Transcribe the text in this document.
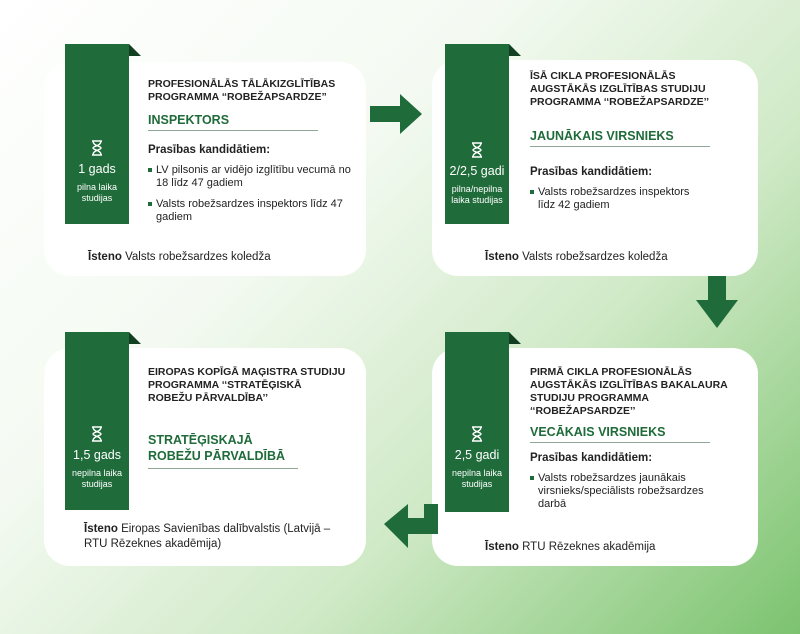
1 gads
pilna laika studijas
PROFESIONĀLĀS TĀLĀKIZGLĪTĪBAS PROGRAMMA “ROBEŽAPSARDZE”
INSPEKTORS
Prasības kandidātiem:
LV pilsonis ar vidējo izglītību vecumā no 18 līdz 47 gadiem
Valsts robežsardzes inspektors līdz 47 gadiem
Īsteno Valsts robežsardzes koledža
2/2,5 gadi
pilna/nepilna laika studijas
ĪSĀ CIKLA PROFESIONĀLĀS AUGSTĀKĀS IZGLĪTĪBAS STUDIJU PROGRAMMA ‘‘ROBEŽAPSARDZE’’
JAUNĀKAIS VIRSNIEKS
Prasības kandidātiem:
Valsts robežsardzes inspektors līdz 42 gadiem
Īsteno Valsts robežsardzes koledža
2,5 gadi
nepilna laika studijas
PIRMĀ CIKLA PROFESIONĀLĀS AUGSTĀKĀS IZGLĪTĪBAS BAKALAURA STUDIJU PROGRAMMA ‘‘ROBEŽAPSARDZE’’
VECĀKAIS VIRSNIEKS
Prasības kandidātiem:
Valsts robežsardzes jaunākais virsnieks/speciālists robežsardzes darbā
Īsteno RTU Rēzeknes akadēmija
1,5 gads
nepilna laika studijas
EIROPAS KOPĪGĀ MAĢISTRA STUDIJU PROGRAMMA ‘‘STRATĒĢISKĀ ROBEŽU PĀRVALDĪBA’’
STRATĒĢISKAJĀ ROBEŽU PĀRVALDĪBĀ
Īsteno Eiropas Savienības dalībvalstis (Latvijā – RTU Rēzeknes akadēmija)
